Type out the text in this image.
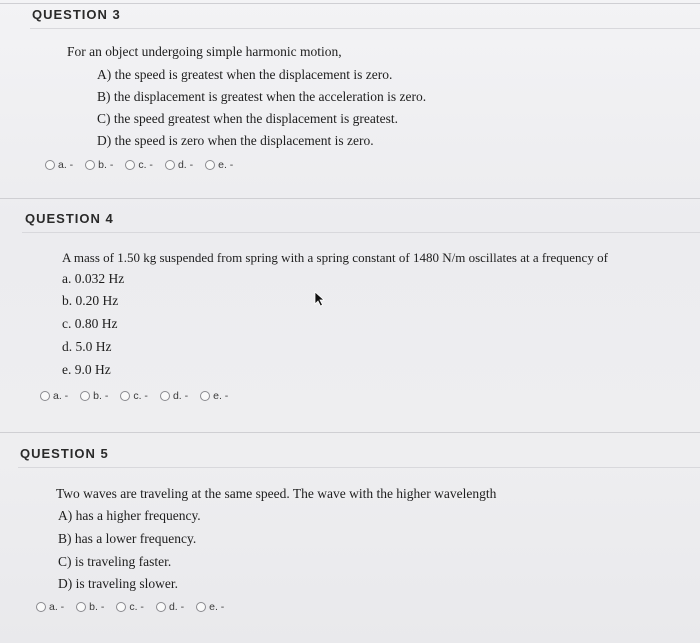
QUESTION 3
For an object undergoing simple harmonic motion,
A) the speed is greatest when the displacement is zero.
B) the displacement is greatest when the acceleration is zero.
C) the speed greatest when the displacement is greatest.
D) the speed is zero when the displacement is zero.
a. - b. - c. - d. - e. -
QUESTION 4
A mass of 1.50 kg suspended from spring with a spring constant of 1480 N/m oscillates at a frequency of
a. 0.032 Hz
b. 0.20 Hz
c. 0.80 Hz
d. 5.0 Hz
e. 9.0 Hz
a. - b. - c. - d. - e. -
QUESTION 5
Two waves are traveling at the same speed. The wave with the higher wavelength
A) has a higher frequency.
B) has a lower frequency.
C) is traveling faster.
D) is traveling slower.
a. - b. - c. - d. - e. -
